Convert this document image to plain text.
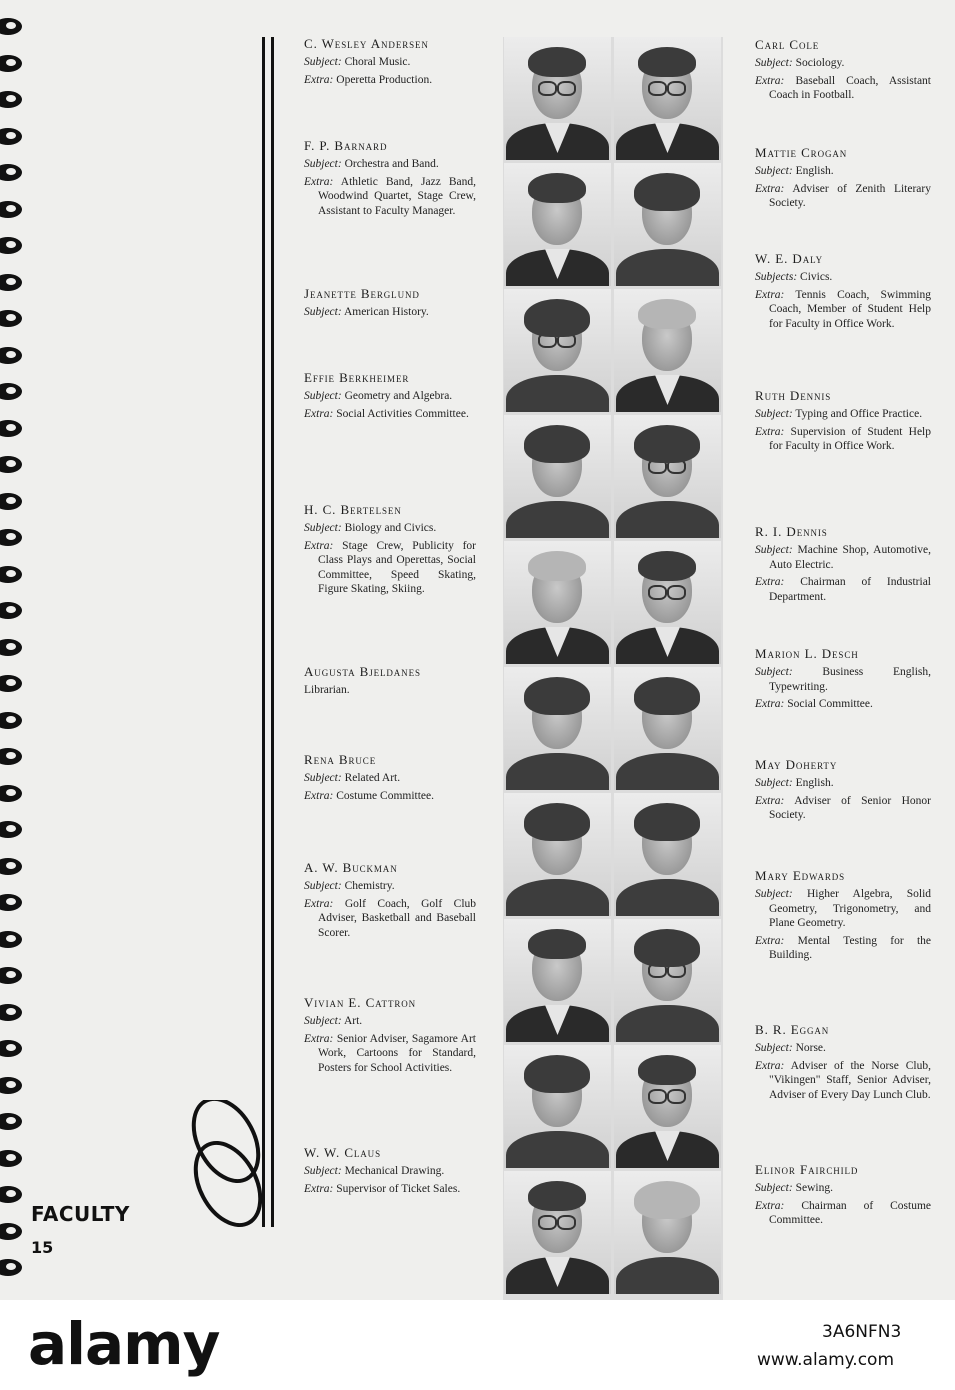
FACULTY
15
C. Wesley Andersen
Subject: Choral Music.
Extra: Operetta Production.
F. P. Barnard
Subject: Orchestra and Band.
Extra: Athletic Band, Jazz Band, Woodwind Quartet, Stage Crew, Assistant to Faculty Manager.
Jeanette Berglund
Subject: American History.
Effie Berkheimer
Subject: Geometry and Algebra.
Extra: Social Activities Committee.
H. C. Bertelsen
Subject: Biology and Civics.
Extra: Stage Crew, Publicity for Class Plays and Operettas, Social Committee, Speed Skating, Figure Skating, Skiing.
Augusta Bjeldanes
Librarian.
Rena Bruce
Subject: Related Art.
Extra: Costume Committee.
A. W. Buckman
Subject: Chemistry.
Extra: Golf Coach, Golf Club Adviser, Basketball and Baseball Scorer.
Vivian E. Cattron
Subject: Art.
Extra: Senior Adviser, Sagamore Art Work, Cartoons for Standard, Posters for School Activities.
W. W. Claus
Subject: Mechanical Drawing.
Extra: Supervisor of Ticket Sales.
Carl Cole
Subject: Sociology.
Extra: Baseball Coach, Assistant Coach in Football.
Mattie Crogan
Subject: English.
Extra: Adviser of Zenith Literary Society.
W. E. Daly
Subjects: Civics.
Extra: Tennis Coach, Swimming Coach, Member of Student Help for Faculty in Office Work.
Ruth Dennis
Subject: Typing and Office Practice.
Extra: Supervision of Student Help for Faculty in Office Work.
R. I. Dennis
Subject: Machine Shop, Automotive, Auto Electric.
Extra: Chairman of Industrial Department.
Marion L. Desch
Subject:	Business English, Typewriting.
Extra: Social Committee.
May Doherty
Subject: English.
Extra: Adviser of Senior Honor Society.
Mary Edwards
Subject: Higher Algebra, Solid Geometry, Trigonometry, and Plane Geometry.
Extra: Mental Testing for the Building.
B. R. Eggan
Subject: Norse.
Extra: Adviser of the Norse Club, "Vikingen" Staff, Senior Adviser, Adviser of Every Day Lunch Club.
Elinor Fairchild
Subject: Sewing.
Extra: Chairman of Costume Committee.
alamy	3A6NFN3
www.alamy.com
